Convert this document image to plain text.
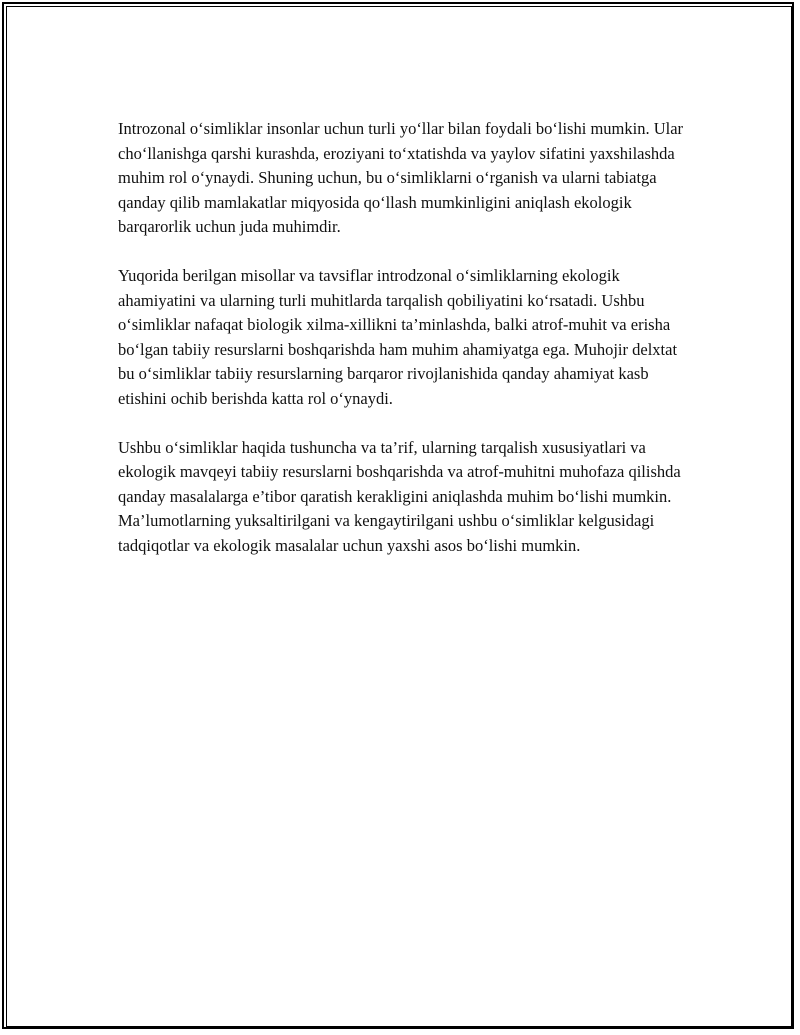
Introzonal o‘simliklar insonlar uchun turli yo‘llar bilan foydali bo‘lishi mumkin. Ular cho‘llanishga qarshi kurashda, eroziyani to‘xtatishda va yaylov sifatini yaxshilashda muhim rol o‘ynaydi. Shuning uchun, bu o‘simliklarni o‘rganish va ularni tabiatga qanday qilib mamlakatlar miqyosida qo‘llash mumkinligini aniqlash ekologik barqarorlik uchun juda muhimdir.

Yuqorida berilgan misollar va tavsiflar introdzonal o‘simliklarning ekologik ahamiyatini va ularning turli muhitlarda tarqalish qobiliyatini ko‘rsatadi. Ushbu o‘simliklar nafaqat biologik xilma-xillikni ta’minlashda, balki atrof-muhit va erisha bo‘lgan tabiiy resurslarni boshqarishda ham muhim ahamiyatga ega. Muhojir delxtat bu o‘simliklar tabiiy resurslarning barqaror rivojlanishida qanday ahamiyat kasb etishini ochib berishda katta rol o‘ynaydi.

Ushbu o‘simliklar haqida tushuncha va ta’rif, ularning tarqalish xususiyatlari va ekologik mavqeyi tabiiy resurslarni boshqarishda va atrof-muhitni muhofaza qilishda qanday masalalarga e’tibor qaratish kerakligini aniqlashda muhim bo‘lishi mumkin. Ma’lumotlarning yuksaltirilgani va kengaytirilgani ushbu o‘simliklar kelgusidagi tadqiqotlar va ekologik masalalar uchun yaxshi asos bo‘lishi mumkin.
